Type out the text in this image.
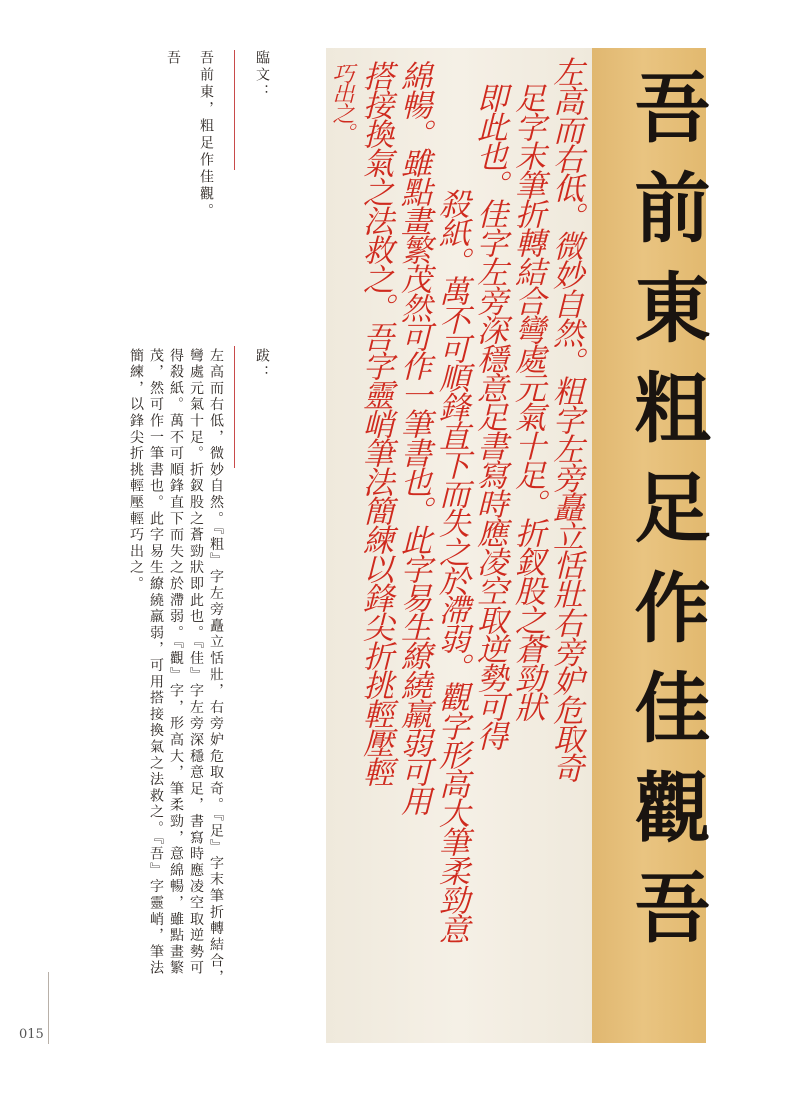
左高而右低。微妙自然。粗字左旁矗立恬壯右旁妒危取奇
足字末筆折轉結合彎處元氣十足。折釵股之蒼勁狀
即此也。佳字左旁深穩意足書寫時應凌空取逆勢可得
殺紙。萬不可順鋒直下而失之於滯弱。觀字形高大筆柔勁意
綿暢。雖點畫繁茂然可作一筆書也。此字易生繚繞羸弱可用
搭接換氣之法救之。吾字靈峭筆法簡練以鋒尖折挑輕壓輕
巧出之。	吾前東粗足作佳觀吾
臨文：
吾前東，粗足作佳觀。
吾
跋：
左高而右低，微妙自然。『粗』字左旁矗立恬壯，右旁妒危取奇。『足』字末筆折轉結合，彎處元氣十足。折釵股之蒼勁狀即此也。『佳』字左旁深穩意足，書寫時應凌空取逆勢可得殺紙。萬不可順鋒直下而失之於滯弱。『觀』字，形高大，筆柔勁，意綿暢，雖點畫繁茂，然可作一筆書也。此字易生繚繞羸弱，可用搭接換氣之法救之。『吾』字靈峭，筆法簡練，以鋒尖折挑輕壓輕巧出之。
015
